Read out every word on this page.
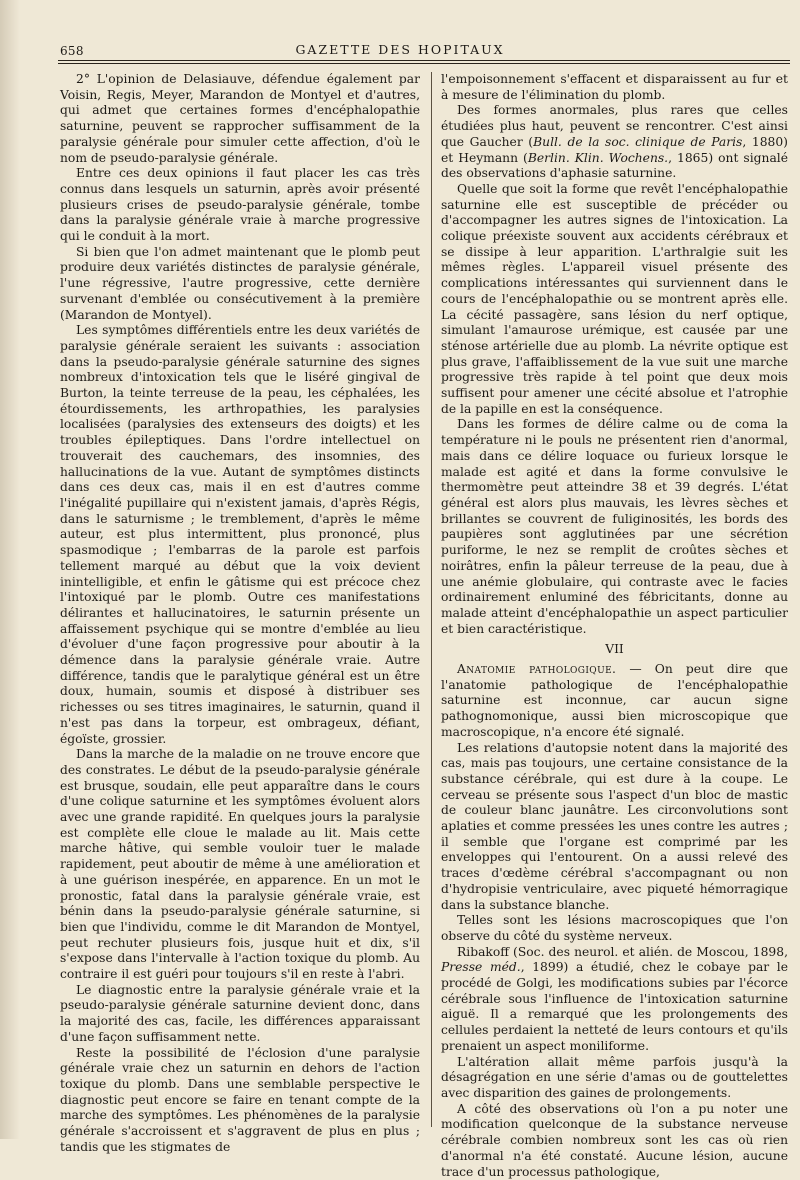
658	GAZETTE DES HOPITAUX

2° L'opinion de Delasiauve, défendue également par Voisin, Regis, Meyer, Marandon de Montyel et d'autres, qui admet que certaines formes d'encéphalopathie saturnine, peuvent se rapprocher suffisamment de la paralysie générale pour simuler cette affection, d'où le nom de pseudo-paralysie générale.

Entre ces deux opinions il faut placer les cas très connus dans lesquels un saturnin, après avoir présenté plusieurs crises de pseudo-paralysie générale, tombe dans la paralysie générale vraie à marche progressive qui le conduit à la mort.

Si bien que l'on admet maintenant que le plomb peut produire deux variétés distinctes de paralysie générale, l'une régressive, l'autre progressive, cette dernière survenant d'emblée ou consécutivement à la première (Marandon de Montyel).

Les symptômes différentiels entre les deux variétés de paralysie générale seraient les suivants : association dans la pseudo-paralysie générale saturnine des signes nombreux d'intoxication tels que le liséré gingival de Burton, la teinte terreuse de la peau, les céphalées, les étourdissements, les arthropathies, les paralysies localisées (paralysies des extenseurs des doigts) et les troubles épileptiques. Dans l'ordre intellectuel on trouverait des cauchemars, des insomnies, des hallucinations de la vue. Autant de symptômes distincts dans ces deux cas, mais il en est d'autres comme l'inégalité pupillaire qui n'existent jamais, d'après Régis, dans le saturnisme ; le tremblement, d'après le même auteur, est plus intermittent, plus prononcé, plus spasmodique ; l'embarras de la parole est parfois tellement marqué au début que la voix devient inintelligible, et enfin le gâtisme qui est précoce chez l'intoxiqué par le plomb. Outre ces manifestations délirantes et hallucinatoires, le saturnin présente un affaissement psychique qui se montre d'emblée au lieu d'évoluer d'une façon progressive pour aboutir à la démence dans la paralysie générale vraie. Autre différence, tandis que le paralytique général est un être doux, humain, soumis et disposé à distribuer ses richesses ou ses titres imaginaires, le saturnin, quand il n'est pas dans la torpeur, est ombrageux, défiant, égoïste, grossier.

Dans la marche de la maladie on ne trouve encore que des constrates. Le début de la pseudo-paralysie générale est brusque, soudain, elle peut apparaître dans le cours d'une colique saturnine et les symptômes évoluent alors avec une grande rapidité. En quelques jours la paralysie est complète elle cloue le malade au lit. Mais cette marche hâtive, qui semble vouloir tuer le malade rapidement, peut aboutir de même à une amélioration et à une guérison inespérée, en apparence. En un mot le pronostic, fatal dans la paralysie générale vraie, est bénin dans la pseudo-paralysie générale saturnine, si bien que l'individu, comme le dit Marandon de Montyel, peut rechuter plusieurs fois, jusque huit et dix, s'il s'expose dans l'intervalle à l'action toxique du plomb. Au contraire il est guéri pour toujours s'il en reste à l'abri.

Le diagnostic entre la paralysie générale vraie et la pseudo-paralysie générale saturnine devient donc, dans la majorité des cas, facile, les différences apparaissant d'une façon suffisamment nette.

Reste la possibilité de l'éclosion d'une paralysie générale vraie chez un saturnin en dehors de l'action toxique du plomb. Dans une semblable perspective le diagnostic peut encore se faire en tenant compte de la marche des symptômes. Les phénomènes de la paralysie générale s'accroissent et s'aggravent de plus en plus ; tandis que les stigmates de

l'empoisonnement s'effacent et disparaissent au fur et à mesure de l'élimination du plomb.

Des formes anormales, plus rares que celles étudiées plus haut, peuvent se rencontrer. C'est ainsi que Gaucher (Bull. de la soc. clinique de Paris, 1880) et Heymann (Berlin. Klin. Wochens., 1865) ont signalé des observations d'aphasie saturnine.

Quelle que soit la forme que revêt l'encéphalopathie saturnine elle est susceptible de précéder ou d'accompagner les autres signes de l'intoxication. La colique préexiste souvent aux accidents cérébraux et se dissipe à leur apparition. L'arthralgie suit les mêmes règles. L'appareil visuel présente des complications intéressantes qui surviennent dans le cours de l'encéphalopathie ou se montrent après elle. La cécité passagère, sans lésion du nerf optique, simulant l'amaurose urémique, est causée par une sténose artérielle due au plomb. La névrite optique est plus grave, l'affaiblissement de la vue suit une marche progressive très rapide à tel point que deux mois suffisent pour amener une cécité absolue et l'atrophie de la papille en est la conséquence.

Dans les formes de délire calme ou de coma la température ni le pouls ne présentent rien d'anormal, mais dans ce délire loquace ou furieux lorsque le malade est agité et dans la forme convulsive le thermomètre peut atteindre 38 et 39 degrés. L'état général est alors plus mauvais, les lèvres sèches et brillantes se couvrent de fuliginosités, les bords des paupières sont agglutinées par une sécrétion puriforme, le nez se remplit de croûtes sèches et noirâtres, enfin la pâleur terreuse de la peau, due à une anémie globulaire, qui contraste avec le facies ordinairement enluminé des fébricitants, donne au malade atteint d'encéphalopathie un aspect particulier et bien caractéristique.

VII

Anatomie pathologique. — On peut dire que l'anatomie pathologique de l'encéphalopathie saturnine est inconnue, car aucun signe pathognomonique, aussi bien microscopique que macroscopique, n'a encore été signalé.

Les relations d'autopsie notent dans la majorité des cas, mais pas toujours, une certaine consistance de la substance cérébrale, qui est dure à la coupe. Le cerveau se présente sous l'aspect d'un bloc de mastic de couleur blanc jaunâtre. Les circonvolutions sont aplaties et comme pressées les unes contre les autres ; il semble que l'organe est comprimé par les enveloppes qui l'entourent. On a aussi relevé des traces d'œdème cérébral s'accompagnant ou non d'hydropisie ventriculaire, avec piqueté hémorragique dans la substance blanche.

Telles sont les lésions macroscopiques que l'on observe du côté du système nerveux.

Ribakoff (Soc. des neurol. et alién. de Moscou, 1898, Presse méd., 1899) a étudié, chez le cobaye par le procédé de Golgi, les modifications subies par l'écorce cérébrale sous l'influence de l'intoxication saturnine aiguë. Il a remarqué que les prolongements des cellules perdaient la netteté de leurs contours et qu'ils prenaient un aspect moniliforme.

L'altération allait même parfois jusqu'à la désagrégation en une série d'amas ou de gouttelettes avec disparition des gaines de prolongements.

A côté des observations où l'on a pu noter une modification quelconque de la substance nerveuse cérébrale combien nombreux sont les cas où rien d'anormal n'a été constaté. Aucune lésion, aucune trace d'un processus pathologique,
